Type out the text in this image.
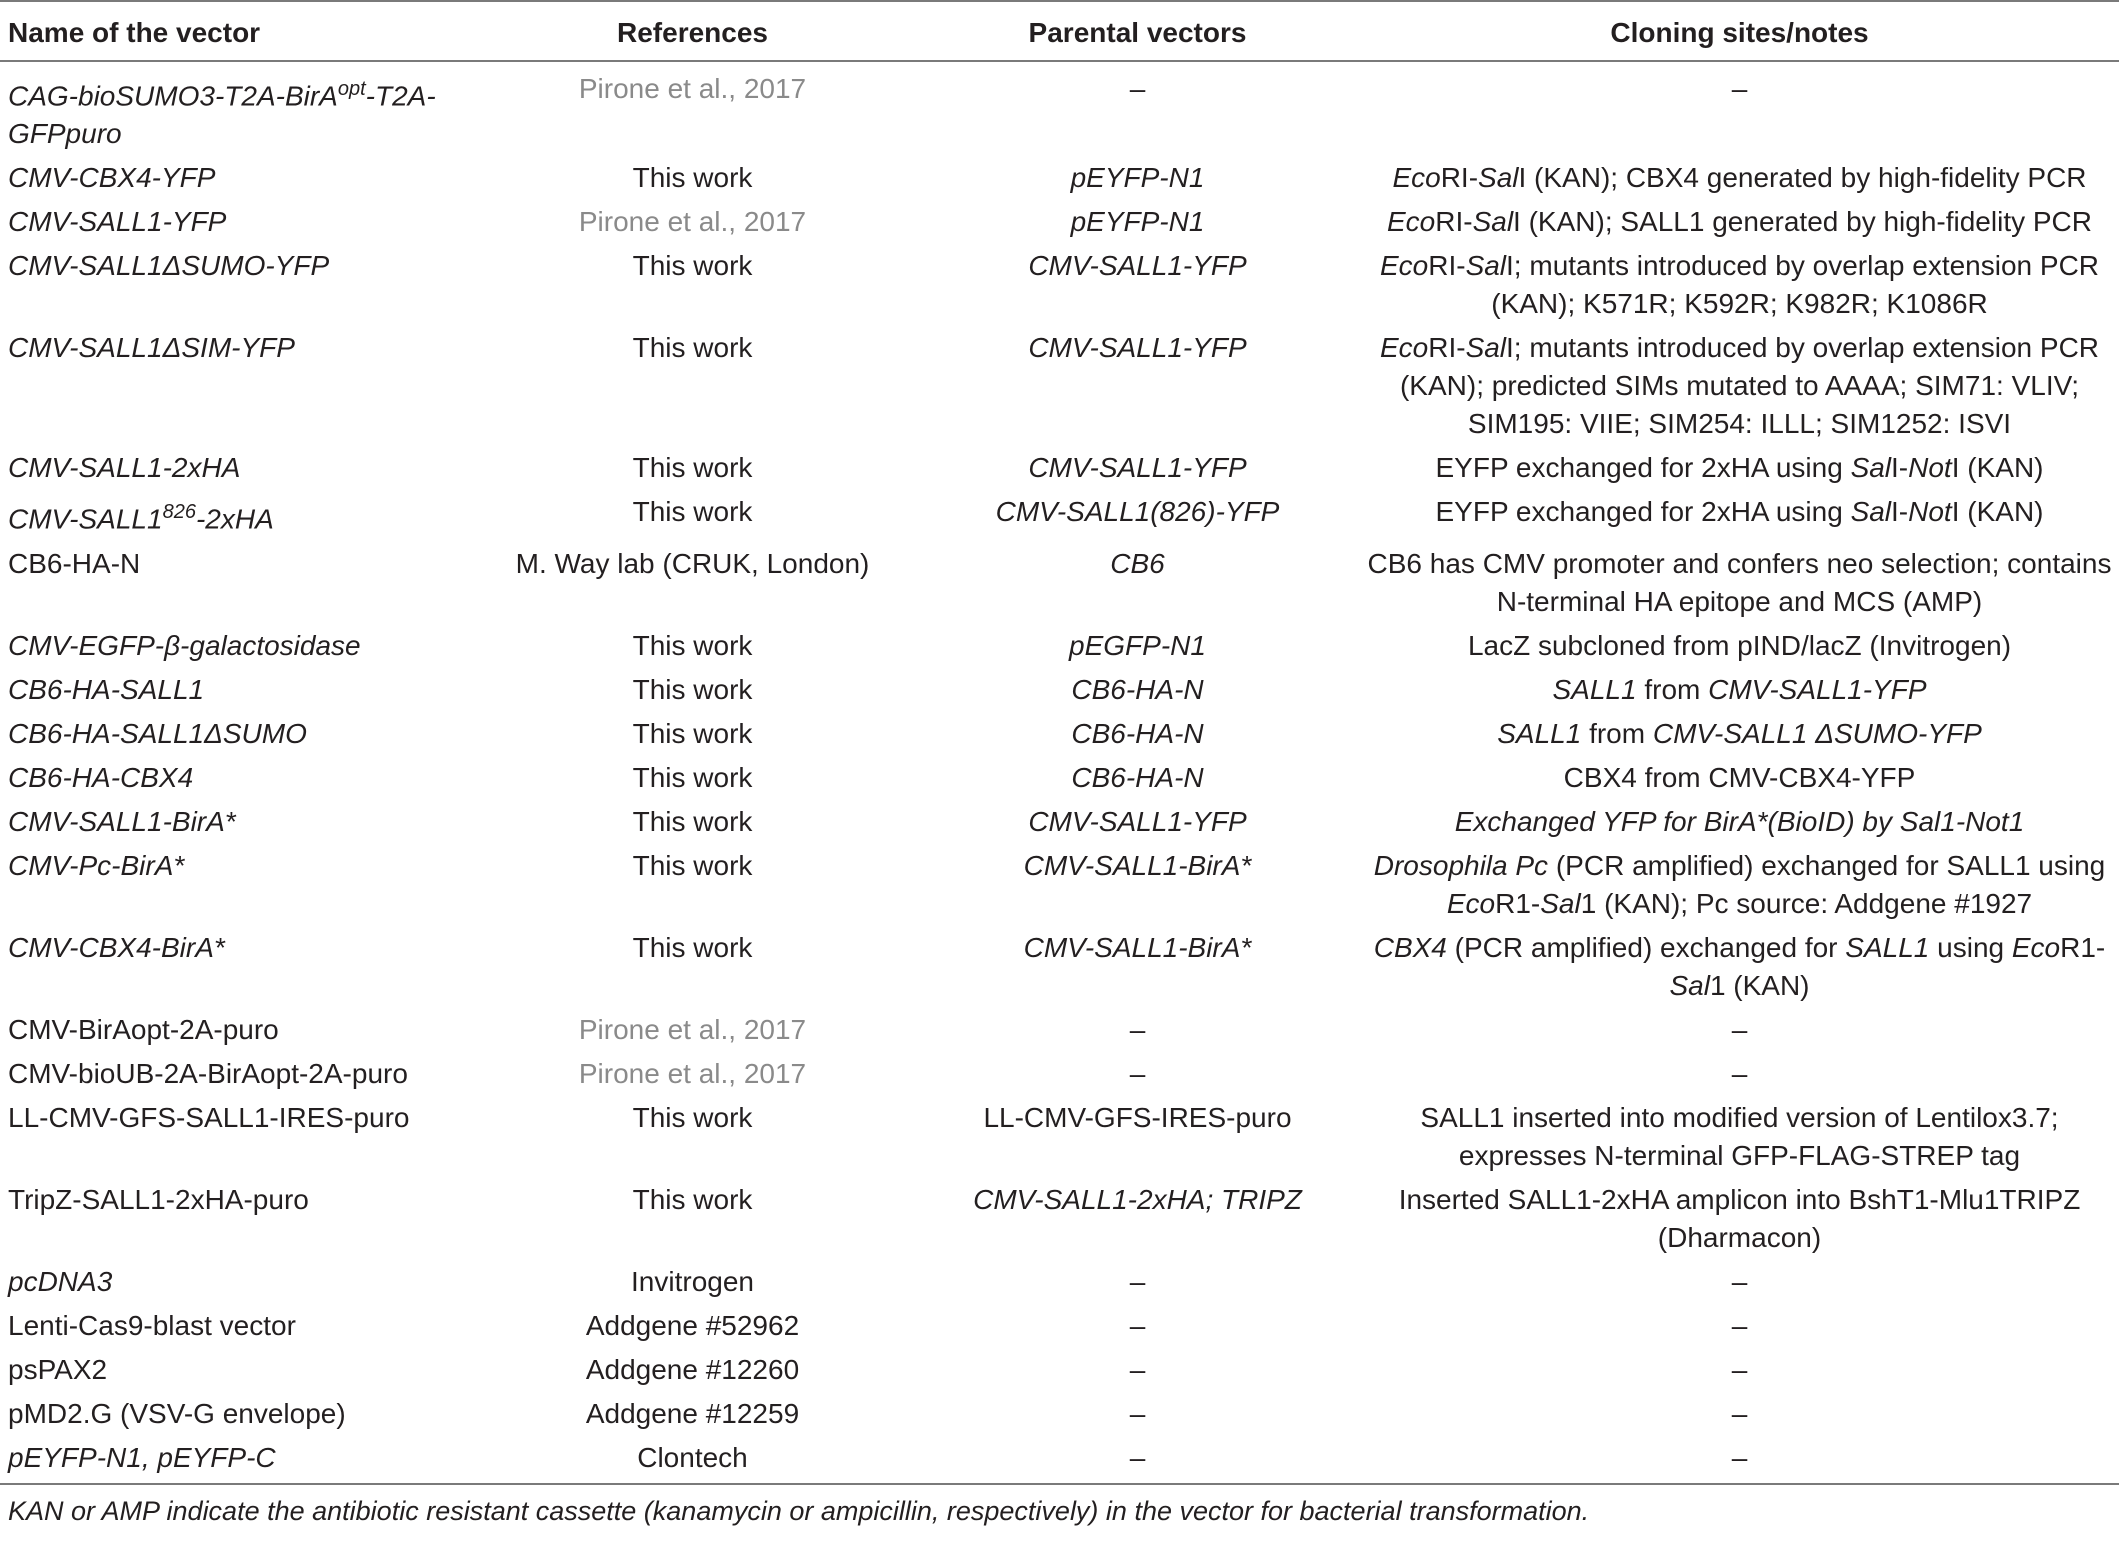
Name of the vector	References	Parental vectors	Cloning sites/notes
CAG-bioSUMO3-T2A-BirA$^{opt}$-T2A-GFPpuro	Pirone et al., 2017	–	–
CMV-CBX4-YFP	This work	pEYFP-N1	EcoRI-SalI (KAN); CBX4 generated by high-fidelity PCR
CMV-SALL1-YFP	Pirone et al., 2017	pEYFP-N1	EcoRI-SalI (KAN); SALL1 generated by high-fidelity PCR
CMV-SALL1ΔSUMO-YFP	This work	CMV-SALL1-YFP	EcoRI-SalI; mutants introduced by overlap extension PCR (KAN); K571R; K592R; K982R; K1086R
CMV-SALL1ΔSIM-YFP	This work	CMV-SALL1-YFP	EcoRI-SalI; mutants introduced by overlap extension PCR (KAN); predicted SIMs mutated to AAAA; SIM71: VLIV; SIM195: VIIE; SIM254: ILLL; SIM1252: ISVI
CMV-SALL1-2xHA	This work	CMV-SALL1-YFP	EYFP exchanged for 2xHA using SalI-NotI (KAN)
CMV-$SALL1^{826}-2xHA$	This work	CMV-SALL1(826)-YFP	EYFP exchanged for 2xHA using SalI-NotI (KAN)
CB6-HA-N	M. Way lab (CRUK, London)	CB6	CB6 has CMV promoter and confers neo selection; contains N-terminal HA epitope and MCS (AMP)
CMV-EGFP-β-galactosidase	This work	pEGFP-N1	LacZ subcloned from pIND/lacZ (Invitrogen)
CB6-HA-SALL1	This work	CB6-HA-N	SALL1 from CMV-SALL1-YFP
CB6-HA-SALL1ΔSUMO	This work	CB6-HA-N	SALL1 from CMV-SALL1 ΔSUMO-YFP
CB6-HA-CBX4	This work	CB6-HA-N	CBX4 from CMV-CBX4-YFP
CMV-SALL1-BirA*	This work	CMV-SALL1-YFP	Exchanged YFP for BirA*(BioID) by Sal1-Not1
CMV-Pc-BirA*	This work	CMV-SALL1-BirA*	Drosophila Pc (PCR amplified) exchanged for SALL1 using EcoR1-Sal1 (KAN); Pc source: Addgene #1927
CMV-CBX4-BirA*	This work	CMV-SALL1-BirA*	CBX4 (PCR amplified) exchanged for SALL1 using EcoR1-Sal1 (KAN)
CMV-BirAopt-2A-puro	Pirone et al., 2017	–	–
CMV-bioUB-2A-BirAopt-2A-puro	Pirone et al., 2017	–	–
LL-CMV-GFS-SALL1-IRES-puro	This work	LL-CMV-GFS-IRES-puro	SALL1 inserted into modified version of Lentilox3.7; expresses N-terminal GFP-FLAG-STREP tag
TripZ-SALL1-2xHA-puro	This work	CMV-SALL1-2xHA; TRIPZ	Inserted SALL1-2xHA amplicon into BshT1-Mlu1TRIPZ (Dharmacon)
pcDNA3	Invitrogen	–	–
Lenti-Cas9-blast vector	Addgene #52962	–	–
psPAX2	Addgene #12260	–	–
pMD2.G (VSV-G envelope)	Addgene #12259	–	–
pEYFP-N1, pEYFP-C	Clontech	–	–
KAN or AMP indicate the antibiotic resistant cassette (kanamycin or ampicillin, respectively) in the vector for bacterial transformation.
